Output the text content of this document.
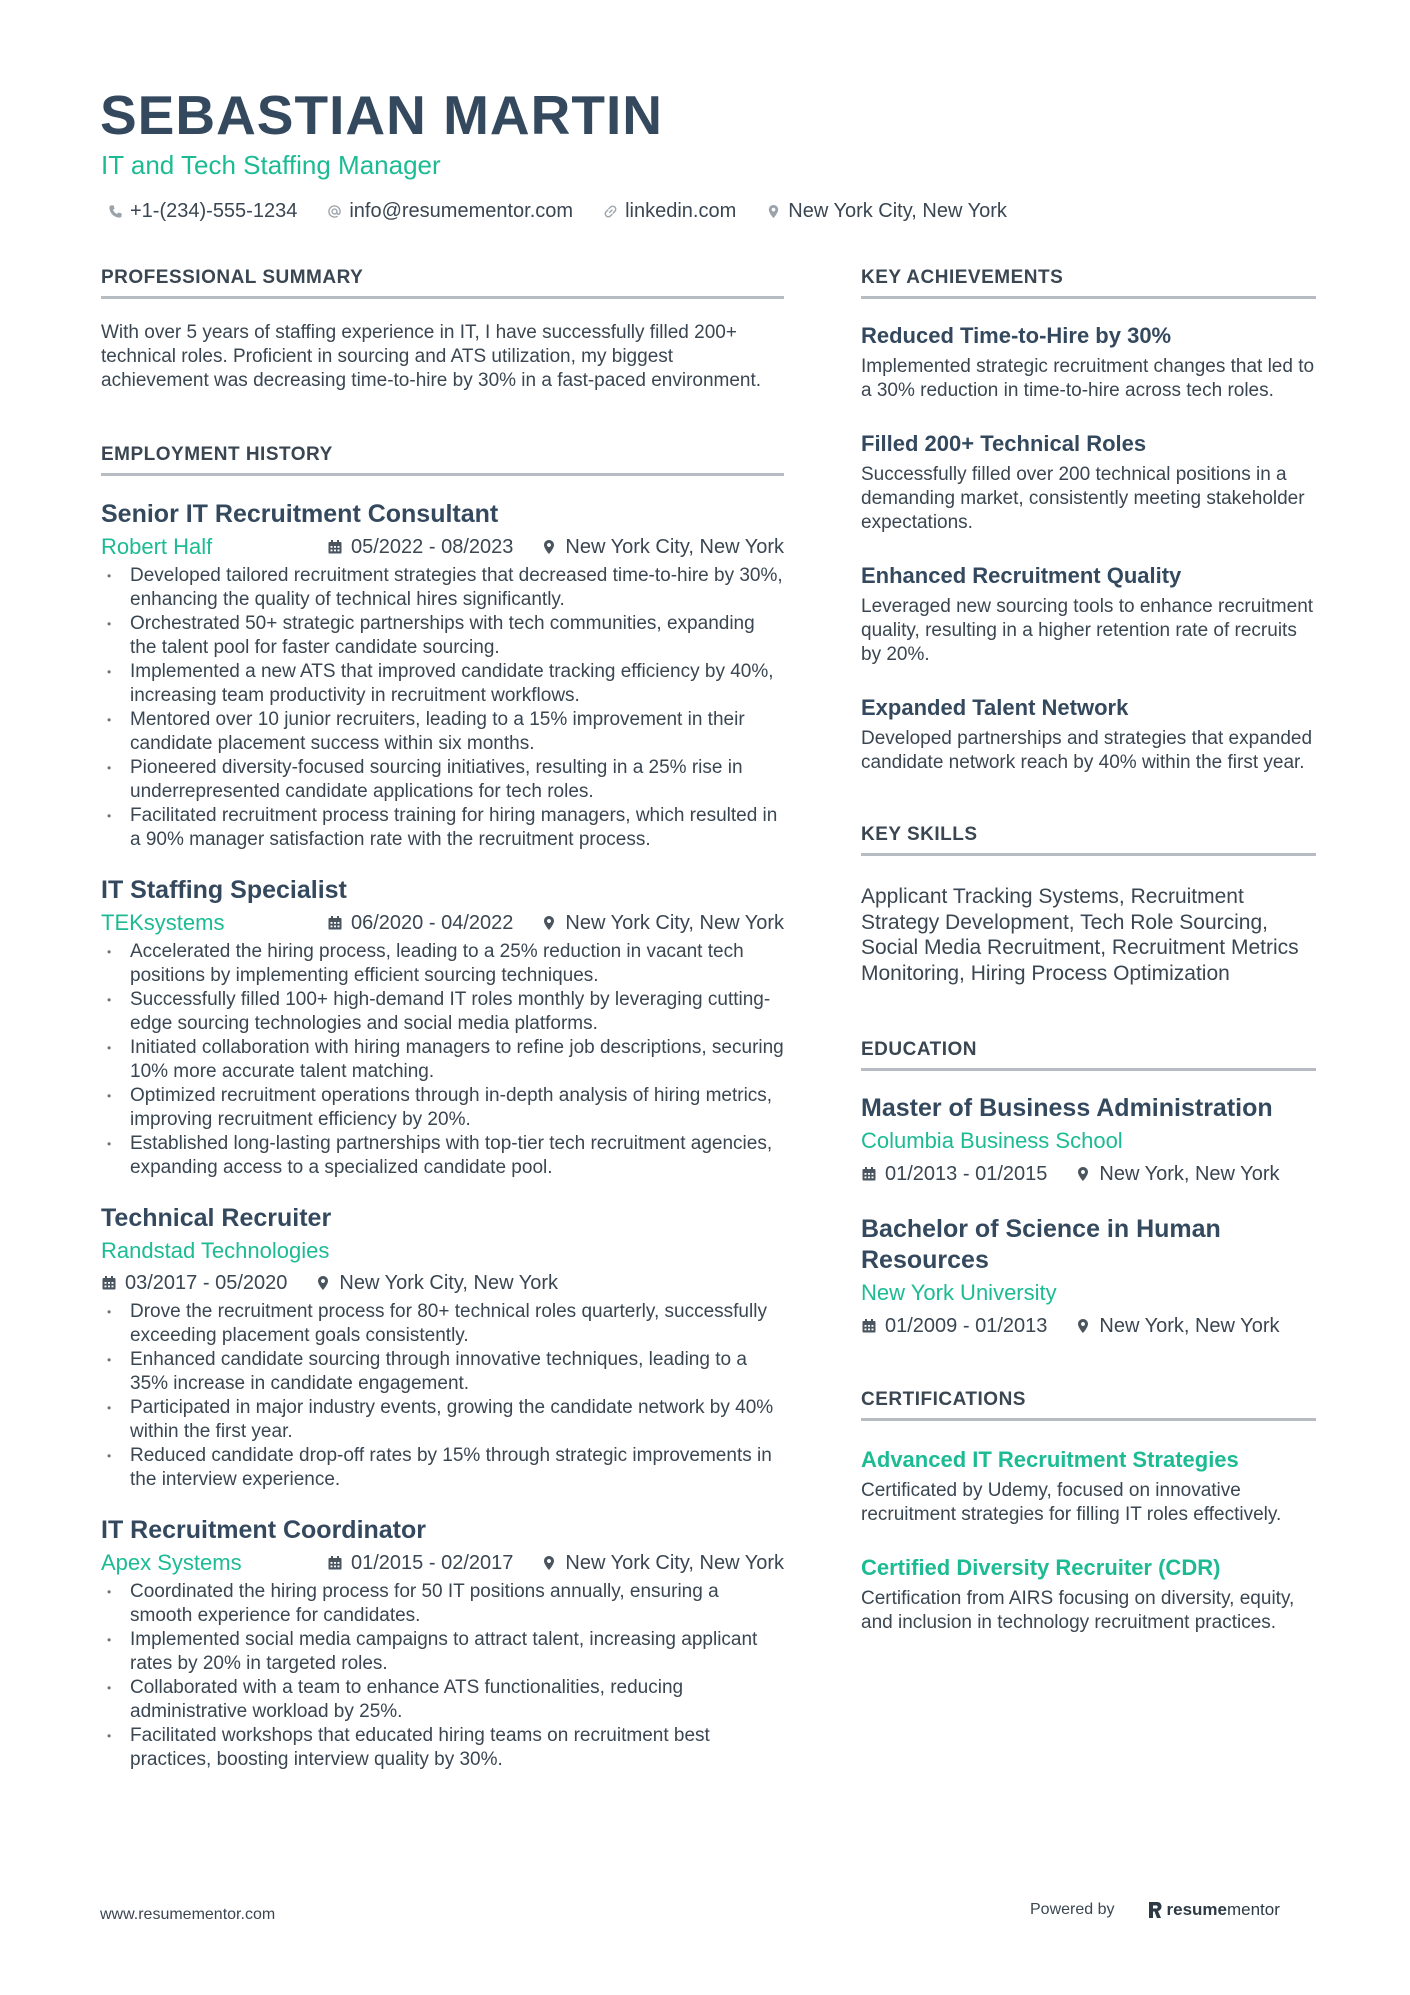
SEBASTIAN MARTIN
IT and Tech Staffing Manager
+1-(234)-555-1234	info@resumementor.com	linkedin.com	New York City, New York
PROFESSIONAL SUMMARY

With over 5 years of staffing experience in IT, I have successfully filled 200+ technical roles. Proficient in sourcing and ATS utilization, my biggest achievement was decreasing time-to-hire by 30% in a fast-paced environment.

EMPLOYMENT HISTORY
Senior IT Recruitment Consultant
Robert Half	05/2022 - 08/2023	New York City, New York
• Developed tailored recruitment strategies that decreased time-to-hire by 30%, enhancing the quality of technical hires significantly.
• Orchestrated 50+ strategic partnerships with tech communities, expanding the talent pool for faster candidate sourcing.
• Implemented a new ATS that improved candidate tracking efficiency by 40%, increasing team productivity in recruitment workflows.
• Mentored over 10 junior recruiters, leading to a 15% improvement in their candidate placement success within six months.
• Pioneered diversity-focused sourcing initiatives, resulting in a 25% rise in underrepresented candidate applications for tech roles.
• Facilitated recruitment process training for hiring managers, which resulted in a 90% manager satisfaction rate with the recruitment process.
IT Staffing Specialist
TEKsystems	06/2020 - 04/2022	New York City, New York
• Accelerated the hiring process, leading to a 25% reduction in vacant tech positions by implementing efficient sourcing techniques.
• Successfully filled 100+ high-demand IT roles monthly by leveraging cutting-edge sourcing technologies and social media platforms.
• Initiated collaboration with hiring managers to refine job descriptions, securing 10% more accurate talent matching.
• Optimized recruitment operations through in-depth analysis of hiring metrics, improving recruitment efficiency by 20%.
• Established long-lasting partnerships with top-tier tech recruitment agencies, expanding access to a specialized candidate pool.
Technical Recruiter
Randstad Technologies
03/2017 - 05/2020	New York City, New York
• Drove the recruitment process for 80+ technical roles quarterly, successfully exceeding placement goals consistently.
• Enhanced candidate sourcing through innovative techniques, leading to a 35% increase in candidate engagement.
• Participated in major industry events, growing the candidate network by 40% within the first year.
• Reduced candidate drop-off rates by 15% through strategic improvements in the interview experience.
IT Recruitment Coordinator
Apex Systems	01/2015 - 02/2017	New York City, New York
• Coordinated the hiring process for 50 IT positions annually, ensuring a smooth experience for candidates.
• Implemented social media campaigns to attract talent, increasing applicant rates by 20% in targeted roles.
• Collaborated with a team to enhance ATS functionalities, reducing administrative workload by 25%.
• Facilitated workshops that educated hiring teams on recruitment best practices, boosting interview quality by 30%.
KEY ACHIEVEMENTS
Reduced Time-to-Hire by 30%

Implemented strategic recruitment changes that led to a 30% reduction in time-to-hire across tech roles.

Filled 200+ Technical Roles

Successfully filled over 200 technical positions in a demanding market, consistently meeting stakeholder expectations.

Enhanced Recruitment Quality

Leveraged new sourcing tools to enhance recruitment quality, resulting in a higher retention rate of recruits by 20%.

Expanded Talent Network

Developed partnerships and strategies that expanded candidate network reach by 40% within the first year.

KEY SKILLS

Applicant Tracking Systems, Recruitment Strategy Development, Tech Role Sourcing, Social Media Recruitment, Recruitment Metrics Monitoring, Hiring Process Optimization

EDUCATION
Master of Business Administration
Columbia Business School
01/2013 - 01/2015	New York, New York
Bachelor of Science in Human Resources
New York University
01/2009 - 01/2013	New York, New York
CERTIFICATIONS
Advanced IT Recruitment Strategies

Certificated by Udemy, focused on innovative recruitment strategies for filling IT roles effectively.

Certified Diversity Recruiter (CDR)

Certification from AIRS focusing on diversity, equity, and inclusion in technology recruitment practices.

www.resumementor.com	Powered by	resume mentor
